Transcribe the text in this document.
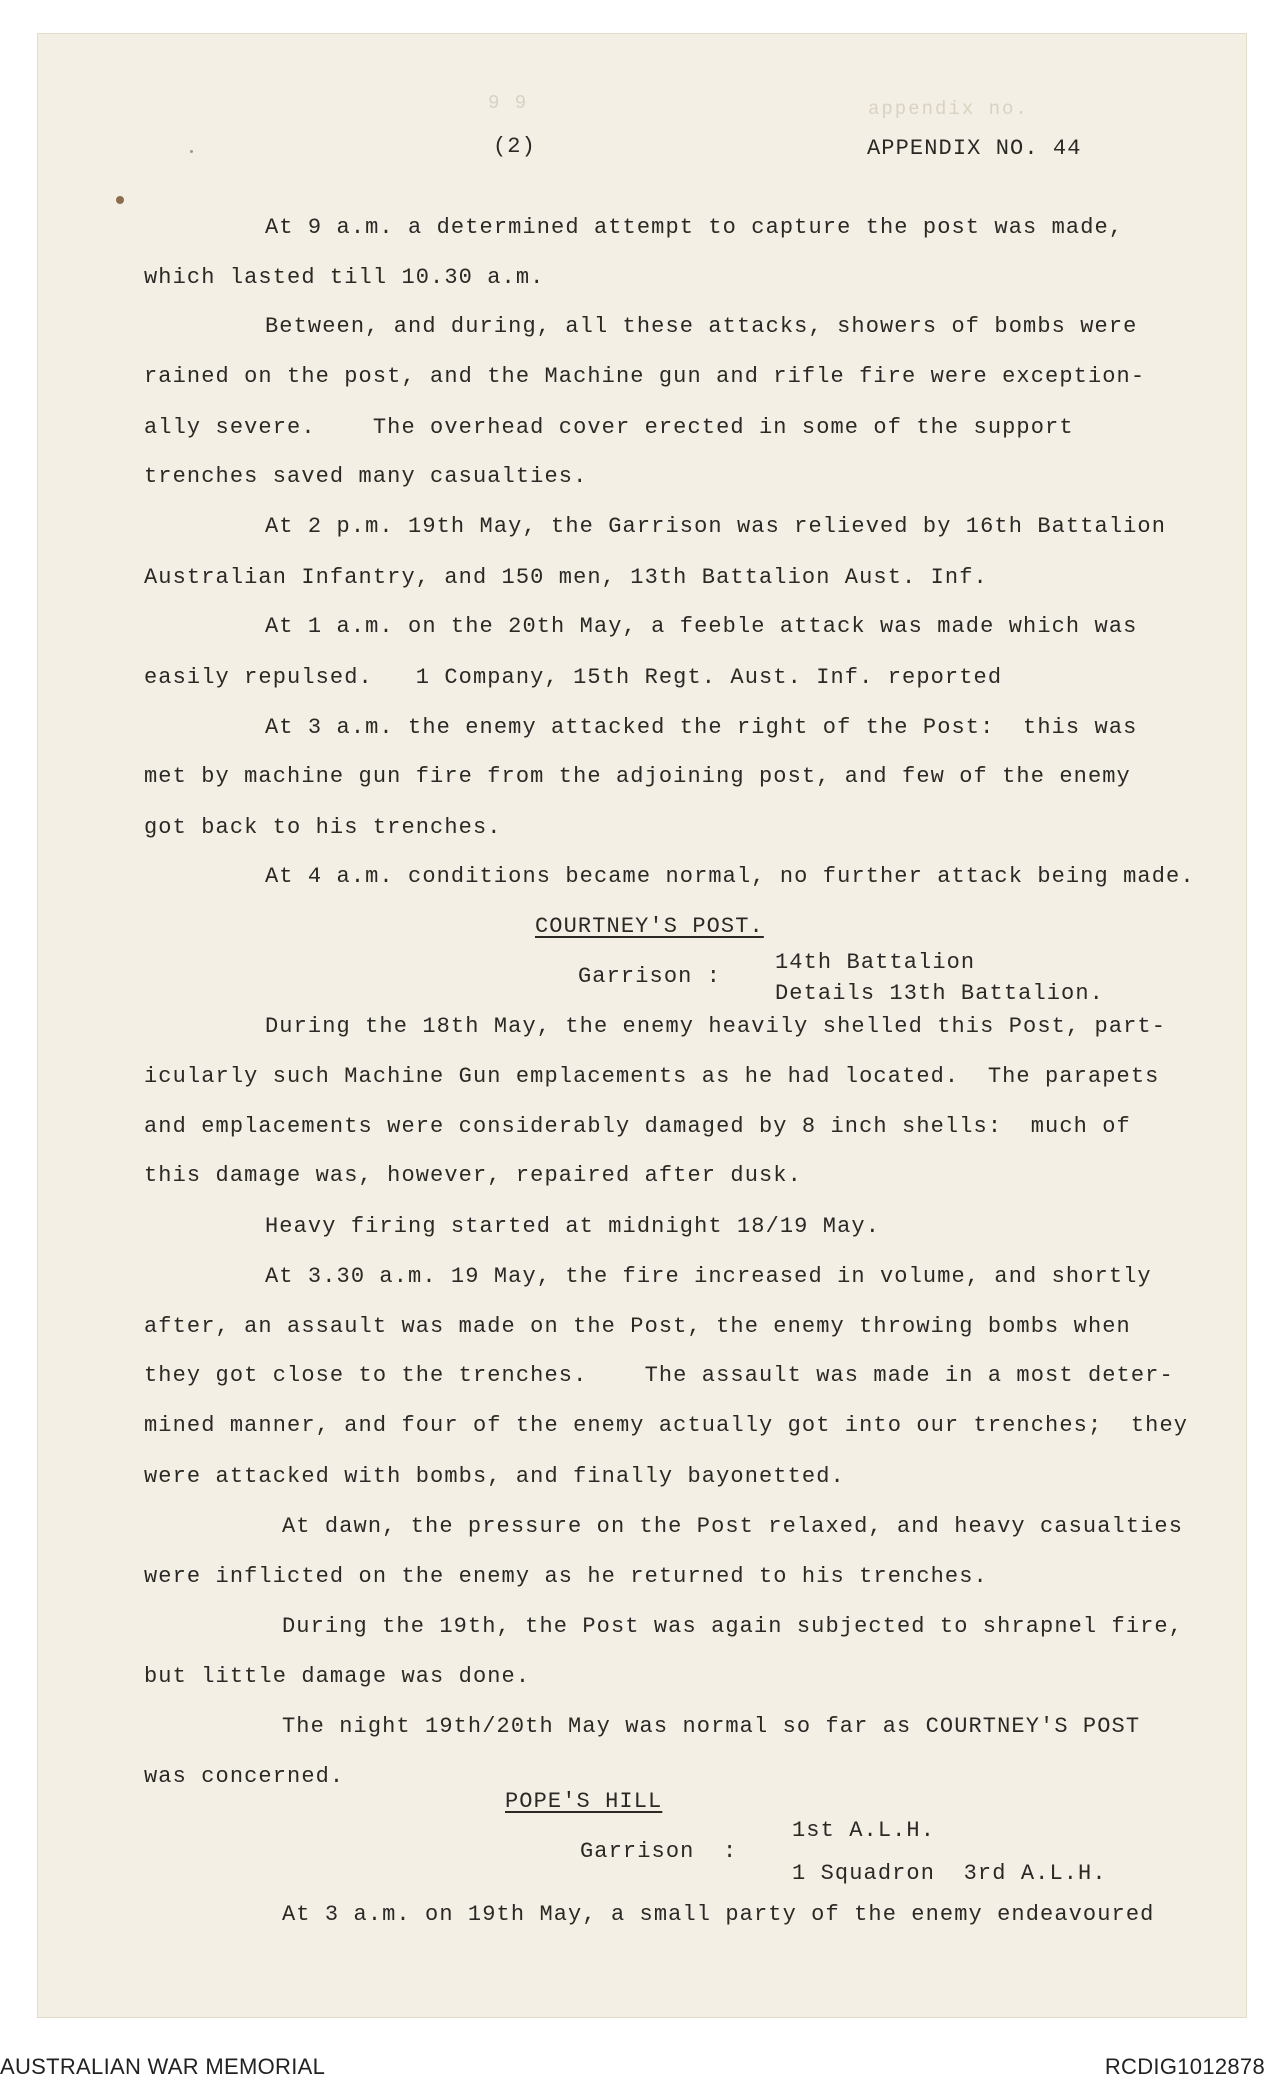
9 9	appendix no.
(2)	APPENDIX NO. 44
At 9 a.m. a determined attempt to capture the post was made,
which lasted till 10.30 a.m.
Between, and during, all these attacks, showers of bombs were
rained on the post, and the Machine gun and rifle fire were exception-
ally severe.    The overhead cover erected in some of the support
trenches saved many casualties.
At 2 p.m. 19th May, the Garrison was relieved by 16th Battalion
Australian Infantry, and 150 men, 13th Battalion Aust. Inf.
At 1 a.m. on the 20th May, a feeble attack was made which was
easily repulsed.   1 Company, 15th Regt. Aust. Inf. reported
At 3 a.m. the enemy attacked the right of the Post:  this was
met by machine gun fire from the adjoining post, and few of the enemy
got back to his trenches.
At 4 a.m. conditions became normal, no further attack being made.
COURTNEY'S POST.
Garrison :
14th Battalion
Details 13th Battalion.
During the 18th May, the enemy heavily shelled this Post, part-
icularly such Machine Gun emplacements as he had located.  The parapets
and emplacements were considerably damaged by 8 inch shells:  much of
this damage was, however, repaired after dusk.
Heavy firing started at midnight 18/19 May.
At 3.30 a.m. 19 May, the fire increased in volume, and shortly
after, an assault was made on the Post, the enemy throwing bombs when
they got close to the trenches.    The assault was made in a most deter-
mined manner, and four of the enemy actually got into our trenches;  they
were attacked with bombs, and finally bayonetted.
At dawn, the pressure on the Post relaxed, and heavy casualties
were inflicted on the enemy as he returned to his trenches.
During the 19th, the Post was again subjected to shrapnel fire,
but little damage was done.
The night 19th/20th May was normal so far as COURTNEY'S POST
was concerned.
POPE'S HILL
Garrison  :
1st A.L.H.
1 Squadron  3rd A.L.H.
At 3 a.m. on 19th May, a small party of the enemy endeavoured
AUSTRALIAN WAR MEMORIAL	RCDIG1012878
